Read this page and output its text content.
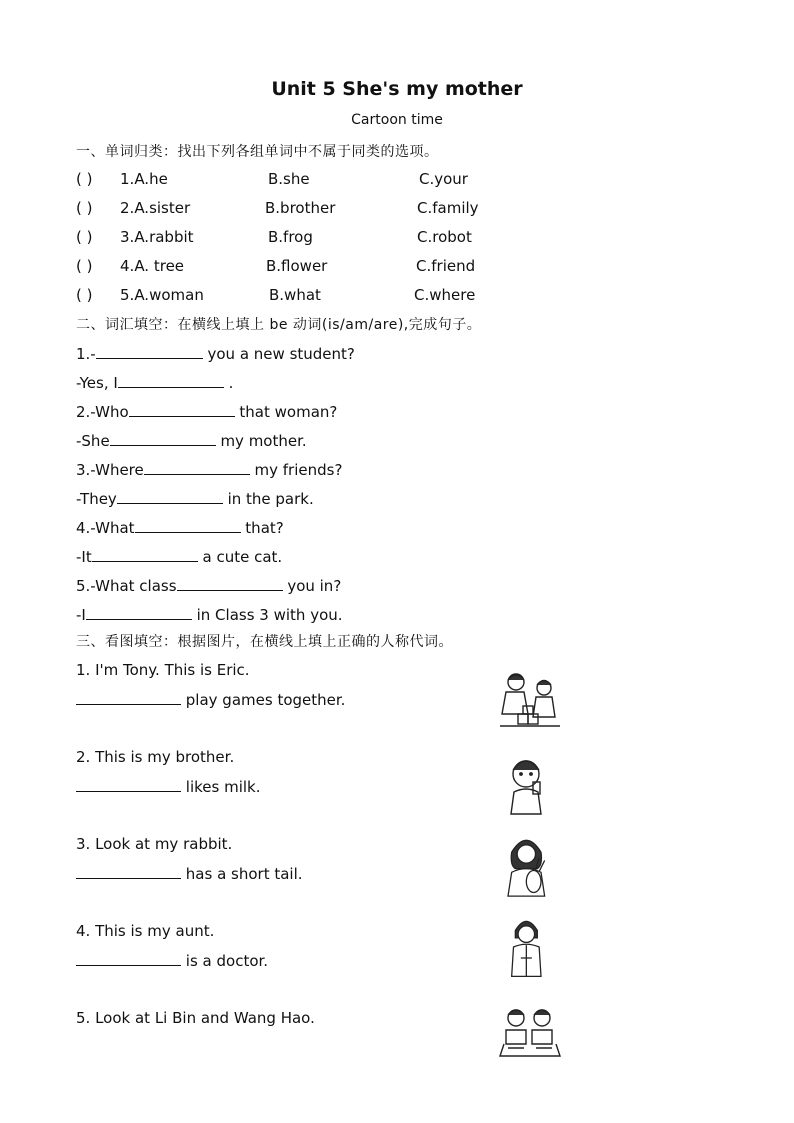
Unit 5 She's my mother
Cartoon time
一、单词归类：找出下列各组单词中不属于同类的选项。
( ) 1.A.he	B.she	C.your
( ) 2.A.sister	B.brother	C.family
( ) 3.A.rabbit	B.frog	C.robot
( ) 4.A. tree	B.flower	C.friend
( ) 5.A.woman	B.what	C.where
二、词汇填空：在横线上填上 be 动词(is/am/are),完成句子。
1.-	you a new student?
-Yes, I	.
2.-Who	that woman?
-She	my mother.
3.-Where	my friends?
-They	in the park.
4.-What	that?
-It	a cute cat.
5.-What class	you in?
-I	in Class 3 with you.
三、看图填空：根据图片，在横线上填上正确的人称代词。
1. I'm Tony. This is Eric.
play games together.
2. This is my brother.
likes milk.
3. Look at my rabbit.
has a short tail.
4. This is my aunt.
is a doctor.
5. Look at Li Bin and Wang Hao.
